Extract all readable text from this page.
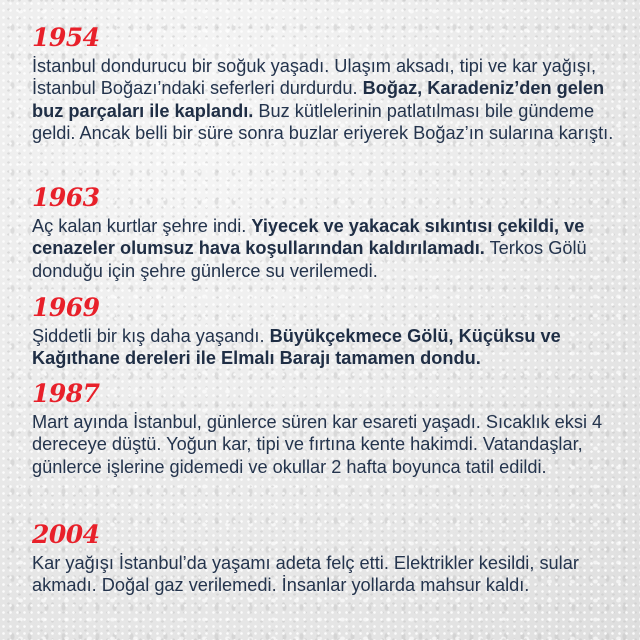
1954

İstanbul dondurucu bir soğuk yaşadı. Ulaşım aksadı, tipi ve kar yağışı, İstanbul Boğazı’ndaki seferleri durdurdu. Boğaz, Karadeniz’den gelen buz parçaları ile kaplandı. Buz kütlelerinin patlatılması bile gündeme geldi. Ancak belli bir süre sonra buzlar eriyerek Boğaz’ın sularına karıştı.

1963

Aç kalan kurtlar şehre indi. Yiyecek ve yakacak sıkıntısı çekildi, ve cenazeler olumsuz hava koşullarından kaldırılamadı. Terkos Gölü donduğu için şehre günlerce su verilemedi.

1969

Şiddetli bir kış daha yaşandı. Büyükçekmece Gölü, Küçüksu ve Kağıthane dereleri ile Elmalı Barajı tamamen dondu.

1987

Mart ayında İstanbul, günlerce süren kar esareti yaşadı. Sıcaklık eksi 4 dereceye düştü. Yoğun kar, tipi ve fırtına kente hakimdi. Vatandaşlar, günlerce işlerine gidemedi ve okullar 2 hafta boyunca tatil edildi.

2004

Kar yağışı İstanbul’da yaşamı adeta felç etti. Elektrikler kesildi, sular akmadı. Doğal gaz verilemedi. İnsanlar yollarda mahsur kaldı.
